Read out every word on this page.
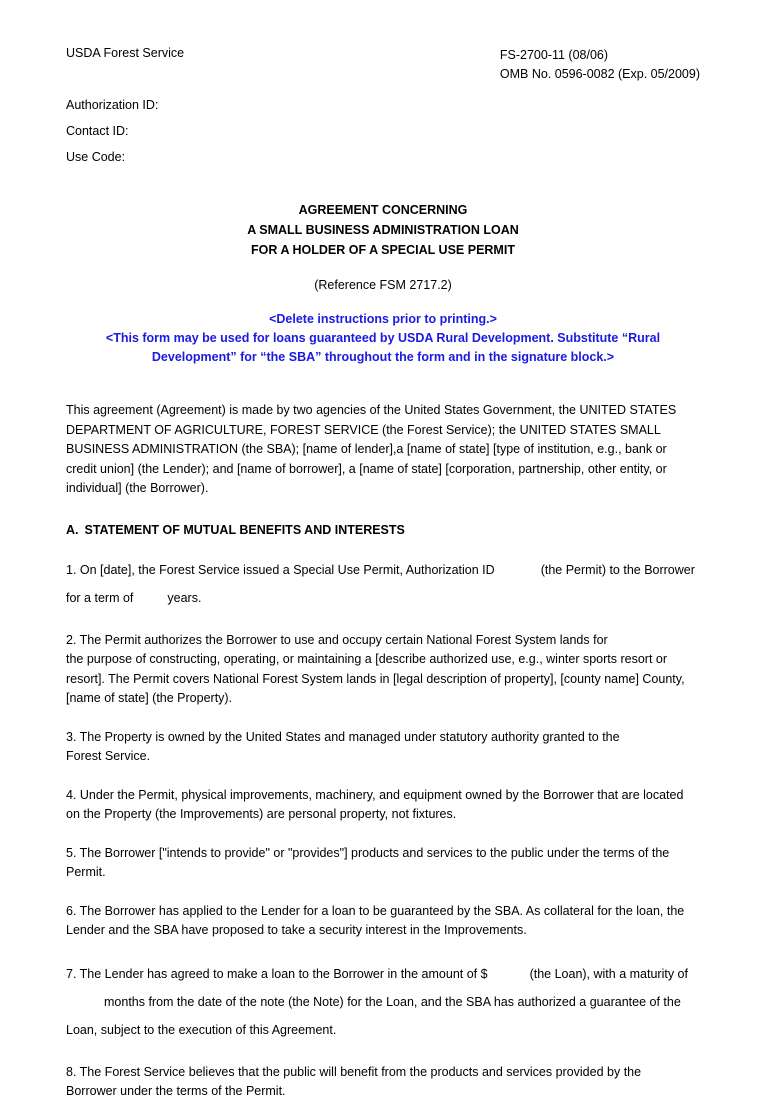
USDA Forest Service	FS-2700-11 (08/06)
OMB No. 0596-0082 (Exp. 05/2009)
Authorization ID:
Contact ID:
Use Code:
AGREEMENT CONCERNING
A SMALL BUSINESS ADMINISTRATION LOAN
FOR A HOLDER OF A SPECIAL USE PERMIT
(Reference FSM 2717.2)
<Delete instructions prior to printing.>
<This form may be used for loans guaranteed by USDA Rural Development. Substitute “Rural
Development” for “the SBA” throughout the form and in the signature block.>
This agreement (Agreement) is made by two agencies of the United States Government, the UNITED STATES
DEPARTMENT OF AGRICULTURE, FOREST SERVICE (the Forest Service); the UNITED STATES SMALL
BUSINESS ADMINISTRATION (the SBA); [name of lender],a [name of state] [type of institution, e.g., bank or
credit union] (the Lender); and [name of borrower], a [name of state] [corporation, partnership, other entity, or
individual] (the Borrower).
A. STATEMENT OF MUTUAL BENEFITS AND INTERESTS
1. On [date], the Forest Service issued a Special Use Permit, Authorization ID	(the Permit) to the Borrower
for a term of	years.
2. The Permit authorizes the Borrower to use and occupy certain National Forest System lands for
the purpose of constructing, operating, or maintaining a [describe authorized use, e.g., winter sports resort or
resort]. The Permit covers National Forest System lands in [legal description of property], [county name] County,
[name of state] (the Property).
3. The Property is owned by the United States and managed under statutory authority granted to the
Forest Service.
4. Under the Permit, physical improvements, machinery, and equipment owned by the Borrower that are located
on the Property (the Improvements) are personal property, not fixtures.
5. The Borrower ["intends to provide" or "provides"] products and services to the public under the terms of the
Permit.
6. The Borrower has applied to the Lender for a loan to be guaranteed by the SBA. As collateral for the loan, the
Lender and the SBA have proposed to take a security interest in the Improvements.
7. The Lender has agreed to make a loan to the Borrower in the amount of $	(the Loan), with a maturity of
months from the date of the note (the Note) for the Loan, and the SBA has authorized a guarantee of the
Loan, subject to the execution of this Agreement.
8. The Forest Service believes that the public will benefit from the products and services provided by the
Borrower under the terms of the Permit.
